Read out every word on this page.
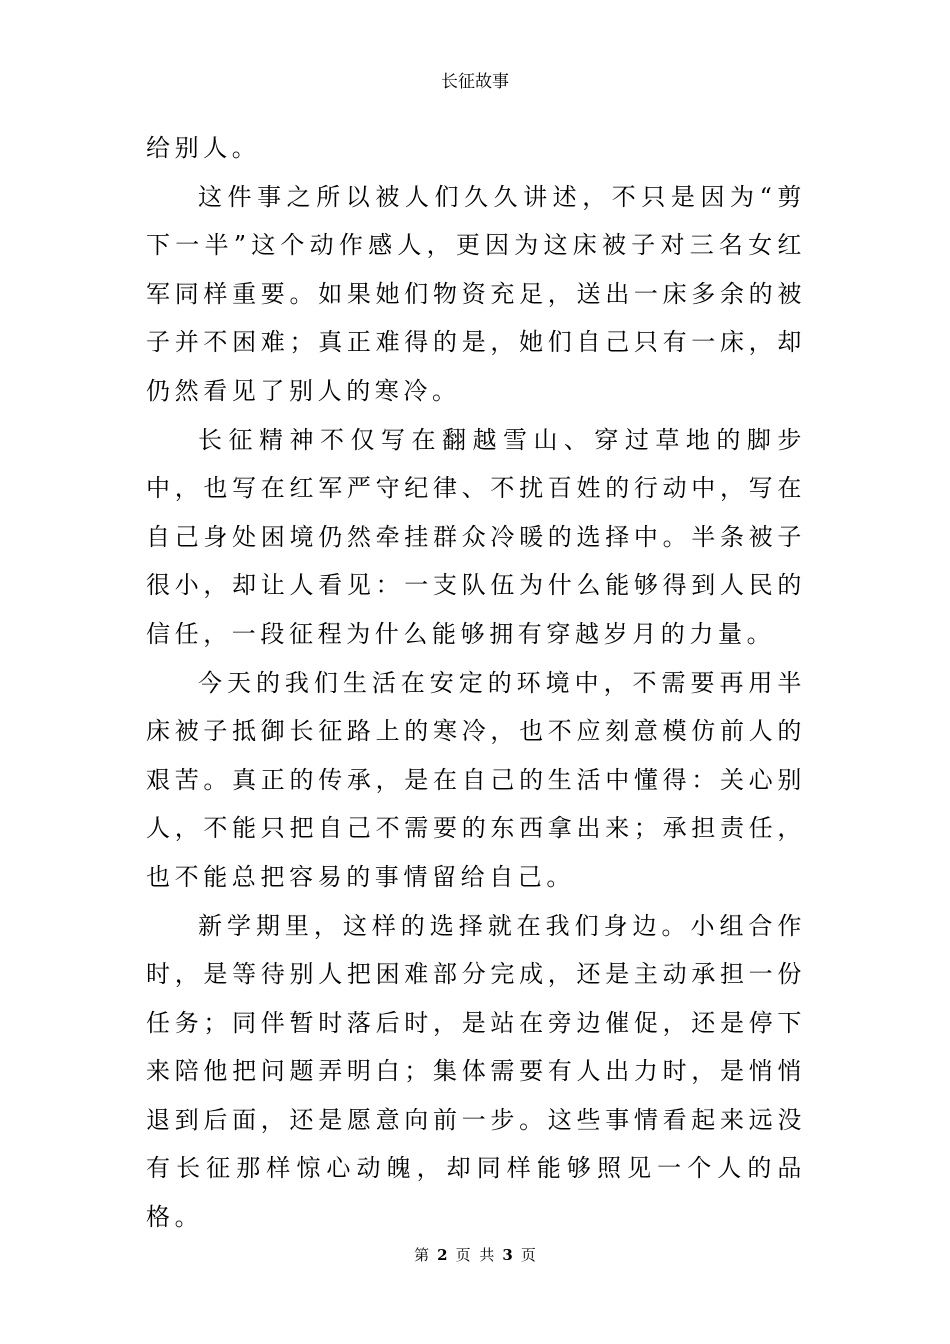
长征故事

给别人。

这件事之所以被人们久久讲述，不只是因为“剪下一半”这个动作感人，更因为这床被子对三名女红军同样重要。如果她们物资充足，送出一床多余的被子并不困难；真正难得的是，她们自己只有一床，却仍然看见了别人的寒冷。

长征精神不仅写在翻越雪山、穿过草地的脚步中，也写在红军严守纪律、不扰百姓的行动中，写在自己身处困境仍然牵挂群众冷暖的选择中。半条被子很小，却让人看见：一支队伍为什么能够得到人民的信任，一段征程为什么能够拥有穿越岁月的力量。

今天的我们生活在安定的环境中，不需要再用半床被子抵御长征路上的寒冷，也不应刻意模仿前人的艰苦。真正的传承，是在自己的生活中懂得：关心别人，不能只把自己不需要的东西拿出来；承担责任，也不能总把容易的事情留给自己。

新学期里，这样的选择就在我们身边。小组合作时，是等待别人把困难部分完成，还是主动承担一份任务；同伴暂时落后时，是站在旁边催促，还是停下来陪他把问题弄明白；集体需要有人出力时，是悄悄退到后面，还是愿意向前一步。这些事情看起来远没有长征那样惊心动魄，却同样能够照见一个人的品格。

第 2 页 共 3 页
